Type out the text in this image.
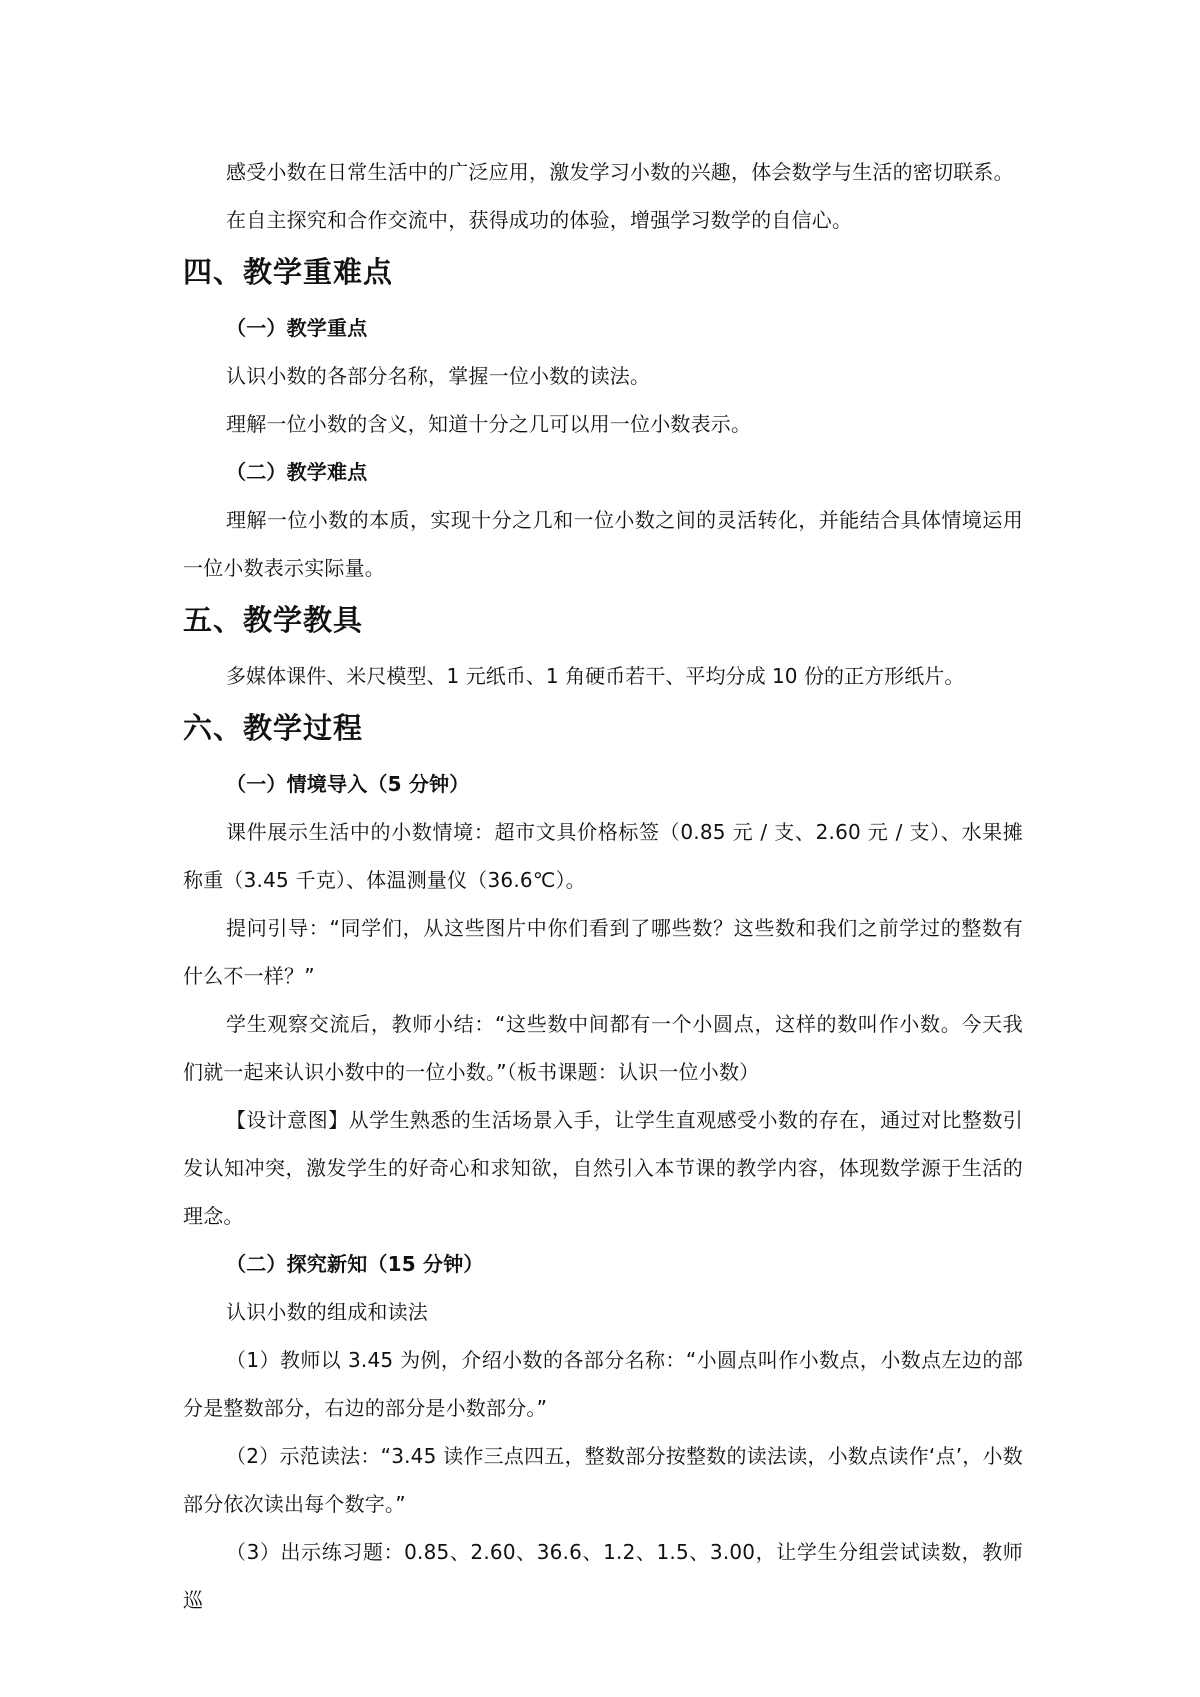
感受小数在日常生活中的广泛应用，激发学习小数的兴趣，体会数学与生活的密切联系。

在自主探究和合作交流中，获得成功的体验，增强学习数学的自信心。

四、教学重难点
（一）教学重点

认识小数的各部分名称，掌握一位小数的读法。

理解一位小数的含义，知道十分之几可以用一位小数表示。

（二）教学难点

理解一位小数的本质，实现十分之几和一位小数之间的灵活转化，并能结合具体情境运用一位小数表示实际量。

五、教学教具

多媒体课件、米尺模型、1 元纸币、1 角硬币若干、平均分成 10 份的正方形纸片。

六、教学过程
（一）情境导入（5 分钟）

课件展示生活中的小数情境：超市文具价格标签（0.85 元 / 支、2.60 元 / 支）、水果摊称重（3.45 千克）、体温测量仪（36.6℃）。

提问引导：“同学们，从这些图片中你们看到了哪些数？这些数和我们之前学过的整数有什么不一样？”

学生观察交流后，教师小结：“这些数中间都有一个小圆点，这样的数叫作小数。今天我们就一起来认识小数中的一位小数。”（板书课题：认识一位小数）

【设计意图】从学生熟悉的生活场景入手，让学生直观感受小数的存在，通过对比整数引发认知冲突，激发学生的好奇心和求知欲，自然引入本节课的教学内容，体现数学源于生活的理念。

（二）探究新知（15 分钟）

认识小数的组成和读法

（1）教师以 3.45 为例，介绍小数的各部分名称：“小圆点叫作小数点，小数点左边的部分是整数部分，右边的部分是小数部分。”

（2）示范读法：“3.45 读作三点四五，整数部分按整数的读法读，小数点读作‘点’，小数部分依次读出每个数字。”

（3）出示练习题：0.85、2.60、36.6、1.2、1.5、3.00，让学生分组尝试读数，教师巡
